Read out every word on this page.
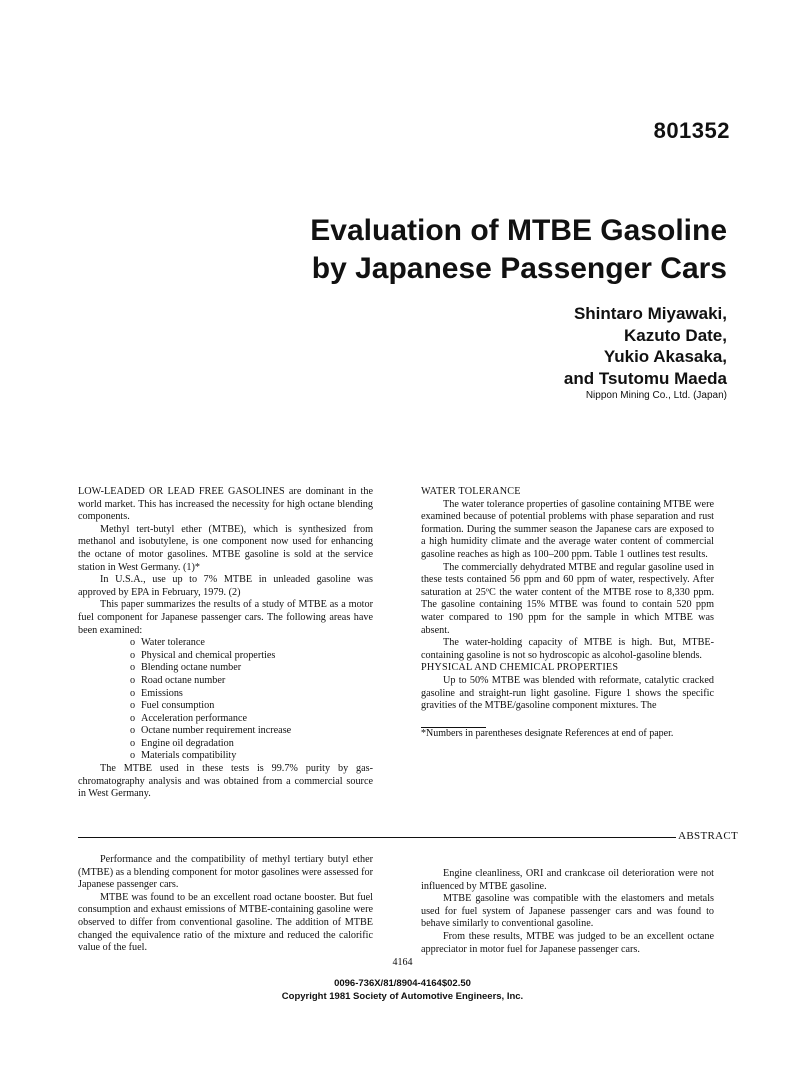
801352
Evaluation of MTBE Gasoline
by Japanese Passenger Cars
Shintaro Miyawaki,
Kazuto Date,
Yukio Akasaka,
and Tsutomu Maeda
Nippon Mining Co., Ltd. (Japan)

LOW-LEADED OR LEAD FREE GASOLINES are dominant in the world market. This has increased the necessity for high octane blending components.

Methyl tert-butyl ether (MTBE), which is synthesized from methanol and isobutylene, is one component now used for enhancing the octane of motor gasolines. MTBE gasoline is sold at the service station in West Germany. (1)*

In U.S.A., use up to 7% MTBE in unleaded gasoline was approved by EPA in February, 1979. (2)

This paper summarizes the results of a study of MTBE as a motor fuel component for Japanese passenger cars. The following areas have been examined:

o Water tolerance
o Physical and chemical properties
o Blending octane number
o Road octane number
o Emissions
o Fuel consumption
o Acceleration performance
o Octane number requirement increase
o Engine oil degradation
o Materials compatibility

The MTBE used in these tests is 99.7% purity by gas-chromatography analysis and was obtained from a commercial source in West Germany.

WATER TOLERANCE

The water tolerance properties of gasoline containing MTBE were examined because of potential problems with phase separation and rust formation. During the summer season the Japanese cars are exposed to a high humidity climate and the average water content of commercial gasoline reaches as high as 100–200 ppm. Table 1 outlines test results.

The commercially dehydrated MTBE and regular gasoline used in these tests contained 56 ppm and 60 ppm of water, respectively. After saturation at 25ºC the water content of the MTBE rose to 8,330 ppm. The gasoline containing 15% MTBE was found to contain 520 ppm water compared to 190 ppm for the sample in which MTBE was absent.

The water-holding capacity of MTBE is high. But, MTBE-containing gasoline is not so hydroscopic as alcohol-gasoline blends.

PHYSICAL AND CHEMICAL PROPERTIES

Up to 50% MTBE was blended with reformate, catalytic cracked gasoline and straight-run light gasoline. Figure 1 shows the specific gravities of the MTBE/gasoline component mixtures. The

*Numbers in parentheses designate References at end of paper.

ABSTRACT

Performance and the compatibility of methyl tertiary butyl ether (MTBE) as a blending component for motor gasolines were assessed for Japanese passenger cars.

MTBE was found to be an excellent road octane booster. But fuel consumption and exhaust emissions of MTBE-containing gasoline were observed to differ from conventional gasoline. The addition of MTBE changed the equivalence ratio of the mixture and reduced the calorific value of the fuel.

Engine cleanliness, ORI and crankcase oil deterioration were not influenced by MTBE gasoline.

MTBE gasoline was compatible with the elastomers and metals used for fuel system of Japanese passenger cars and was found to behave similarly to conventional gasoline.

From these results, MTBE was judged to be an excellent octane appreciator in motor fuel for Japanese passenger cars.

4164
0096-736X/81/8904-4164$02.50
Copyright 1981 Society of Automotive Engineers, Inc.
